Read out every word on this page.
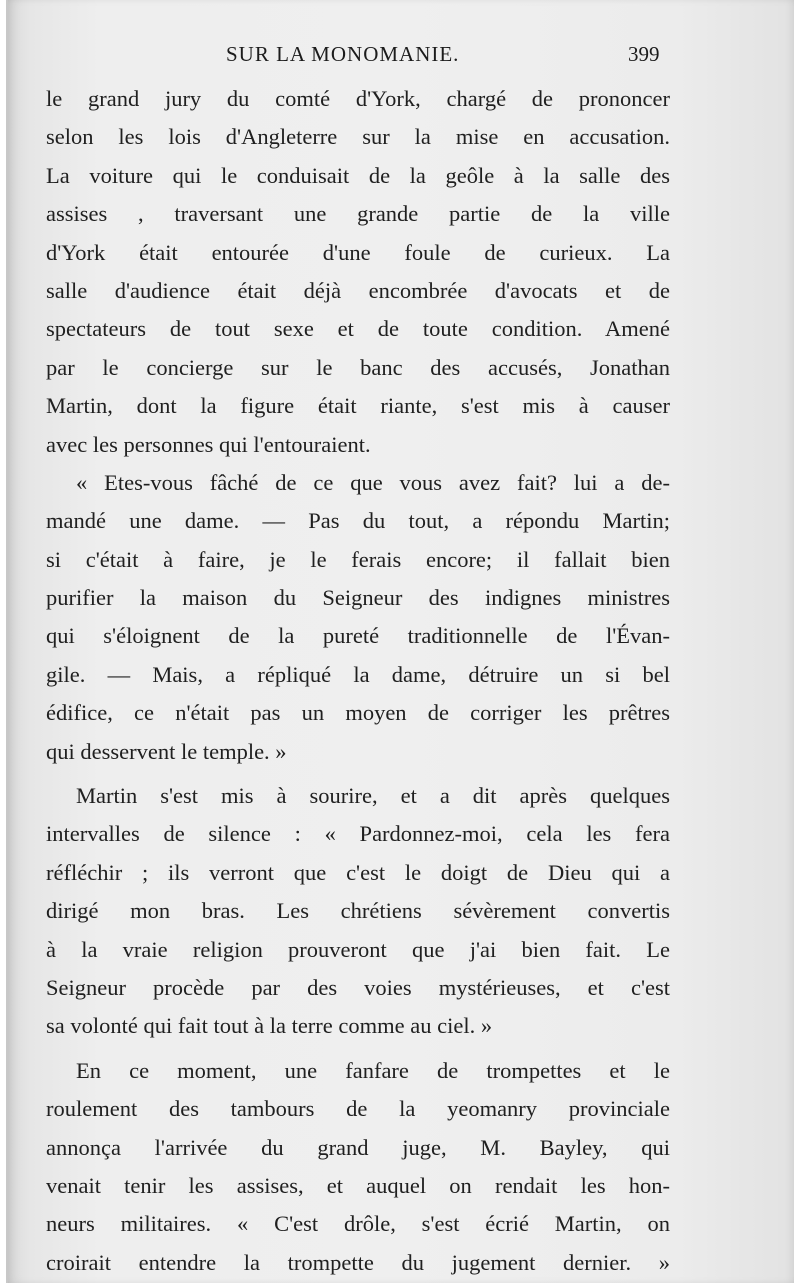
SUR LA MONOMANIE.	399
le grand jury du comté d'York, chargé de prononcer
selon les lois d'Angleterre sur la mise en accusation.
La voiture qui le conduisait de la geôle à la salle des
assises , traversant une grande partie de la ville
d'York était entourée d'une foule de curieux. La
salle d'audience était déjà encombrée d'avocats et de
spectateurs de tout sexe et de toute condition. Amené
par le concierge sur le banc des accusés, Jonathan
Martin, dont la figure était riante, s'est mis à causer
avec les personnes qui l'entouraient.
« Etes-vous fâché de ce que vous avez fait? lui a de-
mandé une dame. — Pas du tout, a répondu Martin;
si c'était à faire, je le ferais encore; il fallait bien
purifier la maison du Seigneur des indignes ministres
qui s'éloignent de la pureté traditionnelle de l'Évan-
gile. — Mais, a répliqué la dame, détruire un si bel
édifice, ce n'était pas un moyen de corriger les prêtres
qui desservent le temple. »
Martin s'est mis à sourire, et a dit après quelques
intervalles de silence : « Pardonnez-moi, cela les fera
réfléchir ; ils verront que c'est le doigt de Dieu qui a
dirigé mon bras. Les chrétiens sévèrement convertis
à la vraie religion prouveront que j'ai bien fait. Le
Seigneur procède par des voies mystérieuses, et c'est
sa volonté qui fait tout à la terre comme au ciel. »
En ce moment, une fanfare de trompettes et le
roulement des tambours de la yeomanry provinciale
annonça l'arrivée du grand juge, M. Bayley, qui
venait tenir les assises, et auquel on rendait les hon-
neurs militaires. « C'est drôle, s'est écrié Martin, on
croirait entendre la trompette du jugement dernier. »
